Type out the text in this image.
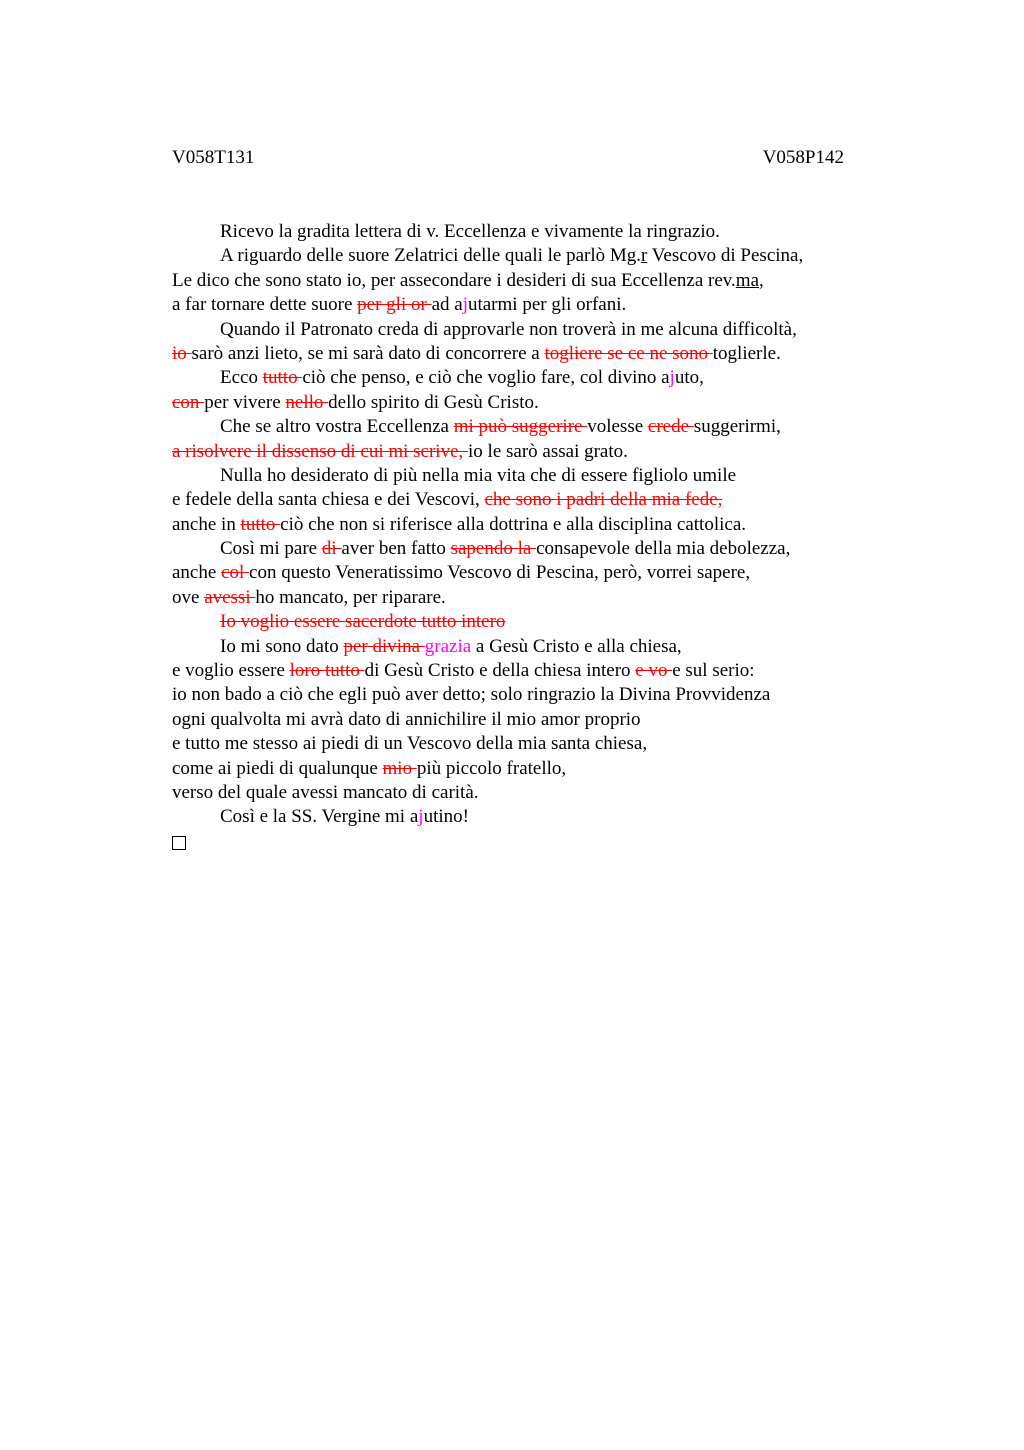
V058T131	V058P142
Ricevo la gradita lettera di v. Eccellenza e vivamente la ringrazio.
A riguardo delle suore Zelatrici delle quali le parlò Mg.r Vescovo di Pescina,
Le dico che sono stato io, per assecondare i desideri di sua Eccellenza rev.ma,
a far tornare dette suore per gli or ad ajutarmi per gli orfani.
Quando il Patronato creda di approvarle non troverà in me alcuna difficoltà,
io sarò anzi lieto, se mi sarà dato di concorrere a togliere se ce ne sono toglierle.
Ecco tutto ciò che penso, e ciò che voglio fare, col divino ajuto,
con per vivere nello dello spirito di Gesù Cristo.
Che se altro vostra Eccellenza mi può suggerire volesse crede suggerirmi,
a risolvere il dissenso di cui mi scrive, io le sarò assai grato.
Nulla ho desiderato di più nella mia vita che di essere figliolo umile
e fedele della santa chiesa e dei Vescovi, che sono i padri della mia fede,
anche in tutto ciò che non si riferisce alla dottrina e alla disciplina cattolica.
Così mi pare di aver ben fatto sapendo la consapevole della mia debolezza,
anche col con questo Veneratissimo Vescovo di Pescina, però, vorrei sapere,
ove avessi ho mancato, per riparare.
Io voglio essere sacerdote tutto intero
Io mi sono dato per divina grazia a Gesù Cristo e alla chiesa,
e voglio essere loro tutto di Gesù Cristo e della chiesa intero e vo e sul serio:
io non bado a ciò che egli può aver detto; solo ringrazio la Divina Provvidenza
ogni qualvolta mi avrà dato di annichilire il mio amor proprio
e tutto me stesso ai piedi di un Vescovo della mia santa chiesa,
come ai piedi di qualunque mio più piccolo fratello,
verso del quale avessi mancato di carità.
Così e la SS. Vergine mi ajutino!
